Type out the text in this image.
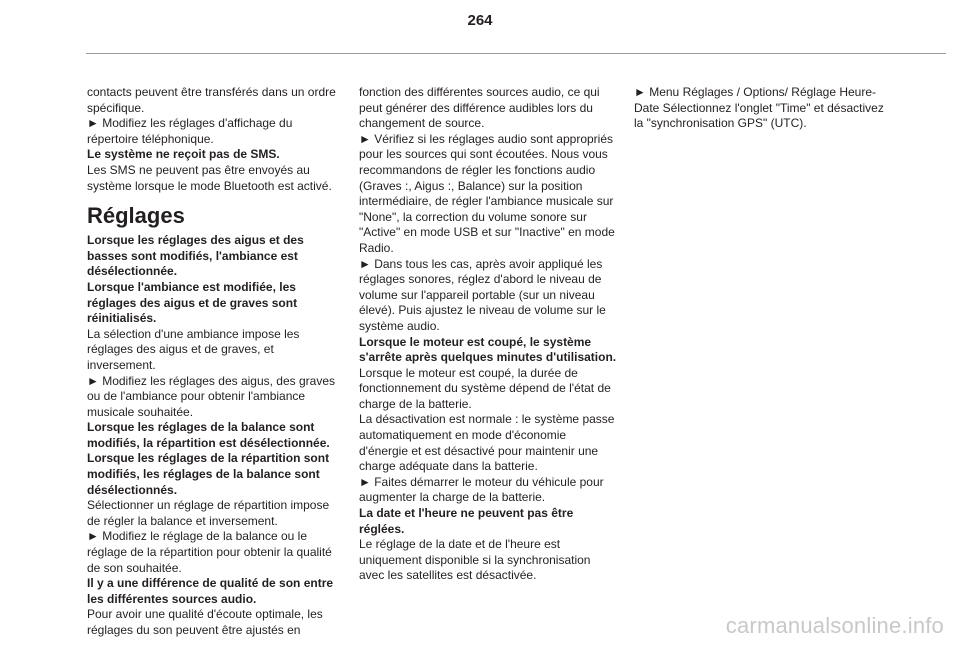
264

contacts peuvent être transférés dans un ordre spécifique.

► Modifiez les réglages d'affichage du répertoire téléphonique.

Le système ne reçoit pas de SMS.

Les SMS ne peuvent pas être envoyés au système lorsque le mode Bluetooth est activé.

Réglages

Lorsque les réglages des aigus et des basses sont modifiés, l'ambiance est désélectionnée.

Lorsque l'ambiance est modifiée, les réglages des aigus et de graves sont réinitialisés.

La sélection d'une ambiance impose les réglages des aigus et de graves, et inversement.

► Modifiez les réglages des aigus, des graves ou de l'ambiance pour obtenir l'ambiance musicale souhaitée.

Lorsque les réglages de la balance sont modifiés, la répartition est désélectionnée.

Lorsque les réglages de la répartition sont modifiés, les réglages de la balance sont désélectionnés.

Sélectionner un réglage de répartition impose de régler la balance et inversement.

► Modifiez le réglage de la balance ou le réglage de la répartition pour obtenir la qualité de son souhaitée.

Il y a une différence de qualité de son entre les différentes sources audio.

Pour avoir une qualité d'écoute optimale, les réglages du son peuvent être ajustés en

fonction des différentes sources audio, ce qui peut générer des différence audibles lors du changement de source.

► Vérifiez si les réglages audio sont appropriés pour les sources qui sont écoutées. Nous vous recommandons de régler les fonctions audio (Graves :, Aigus :, Balance) sur la position intermédiaire, de régler l'ambiance musicale sur "None", la correction du volume sonore sur "Active" en mode USB et sur "Inactive" en mode Radio.

► Dans tous les cas, après avoir appliqué les réglages sonores, réglez d'abord le niveau de volume sur l'appareil portable (sur un niveau élevé). Puis ajustez le niveau de volume sur le système audio.

Lorsque le moteur est coupé, le système s'arrête après quelques minutes d'utilisation.

Lorsque le moteur est coupé, la durée de fonctionnement du système dépend de l'état de charge de la batterie.

La désactivation est normale : le système passe automatiquement en mode d'économie d'énergie et est désactivé pour maintenir une charge adéquate dans la batterie.

► Faites démarrer le moteur du véhicule pour augmenter la charge de la batterie.

La date et l'heure ne peuvent pas être réglées.

Le réglage de la date et de l'heure est uniquement disponible si la synchronisation avec les satellites est désactivée.

► Menu Réglages / Options/ Réglage Heure-Date Sélectionnez l'onglet "Time" et désactivez la "synchronisation GPS" (UTC).

carmanualsonline.info
